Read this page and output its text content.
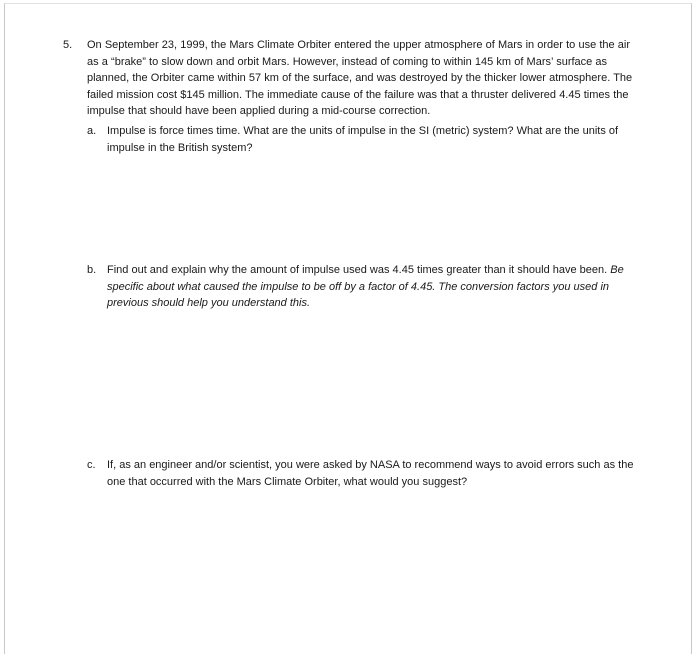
5.	On September 23, 1999, the Mars Climate Orbiter entered the upper atmosphere of Mars in order to use the air as a “brake” to slow down and orbit Mars. However, instead of coming to within 145 km of Mars’ surface as planned, the Orbiter came within 57 km of the surface, and was destroyed by the thicker lower atmosphere. The failed mission cost $145 million. The immediate cause of the failure was that a thruster delivered 4.45 times the impulse that should have been applied during a mid-course correction.

a. Impulse is force times time. What are the units of impulse in the SI (metric) system? What are the units of impulse in the British system?
b. Find out and explain why the amount of impulse used was 4.45 times greater than it should have been. Be specific about what caused the impulse to be off by a factor of 4.45. The conversion factors you used in previous should help you understand this.
c.	If, as an engineer and/or scientist, you were asked by NASA to recommend ways to avoid errors such as the one that occurred with the Mars Climate Orbiter, what would you suggest?
